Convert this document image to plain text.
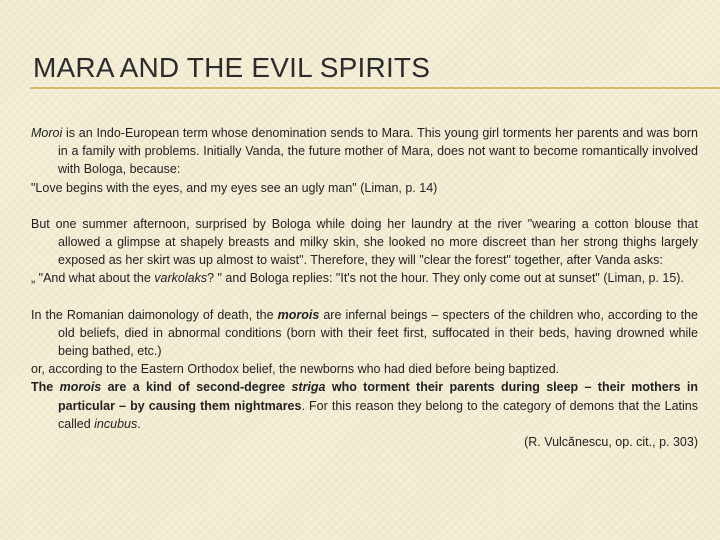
MARA AND THE EVIL SPIRITS

Moroi is an Indo-European term whose denomination sends to Mara. This young girl torments her parents and was born in a family with problems. Initially Vanda, the future mother of Mara, does not want to become romantically involved with Bologa, because:

"Love begins with the eyes, and my eyes see an ugly man" (Liman, p. 14)

But one summer afternoon, surprised by Bologa while doing her laundry at the river "wearing a cotton blouse that allowed a glimpse at shapely breasts and milky skin, she looked no more discreet than her strong thighs largely exposed as her skirt was up almost to waist". Therefore, they will "clear the forest" together, after Vanda asks:

„ "And what about the varkolaks? " and Bologa replies: "It's not the hour. They only come out at sunset" (Liman, p. 15).

In the Romanian daimonology of death, the morois are infernal beings – specters of the children who, according to the old beliefs, died in abnormal conditions (born with their feet first, suffocated in their beds, having drowned while being bathed, etc.)

or, according to the Eastern Orthodox belief, the newborns who had died before being baptized.

The morois are a kind of second-degree striga who torment their parents during sleep – their mothers in particular – by causing them nightmares. For this reason they belong to the category of demons that the Latins called incubus.

(R. Vulcănescu, op. cit., p. 303)
